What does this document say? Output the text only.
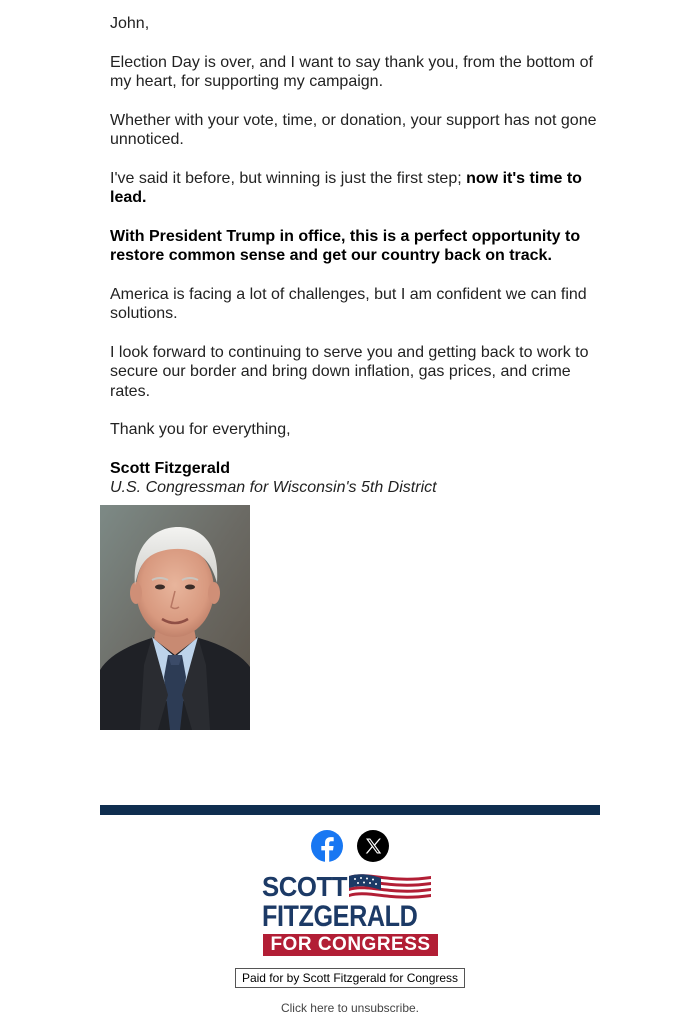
John,

Election Day is over, and I want to say thank you, from the bottom of my heart, for supporting my campaign.

Whether with your vote, time, or donation, your support has not gone unnoticed.

I've said it before, but winning is just the first step; now it's time to lead.

With President Trump in office, this is a perfect opportunity to restore common sense and get our country back on track.

America is facing a lot of challenges, but I am confident we can find solutions.

I look forward to continuing to serve you and getting back to work to secure our border and bring down inflation, gas prices, and crime rates.

Thank you for everything,

Scott Fitzgerald
U.S. Congressman for Wisconsin's 5th District

SCOTT
FITZGERALD
FOR CONGRESS
Paid for by Scott Fitzgerald for Congress
Click here to unsubscribe.
